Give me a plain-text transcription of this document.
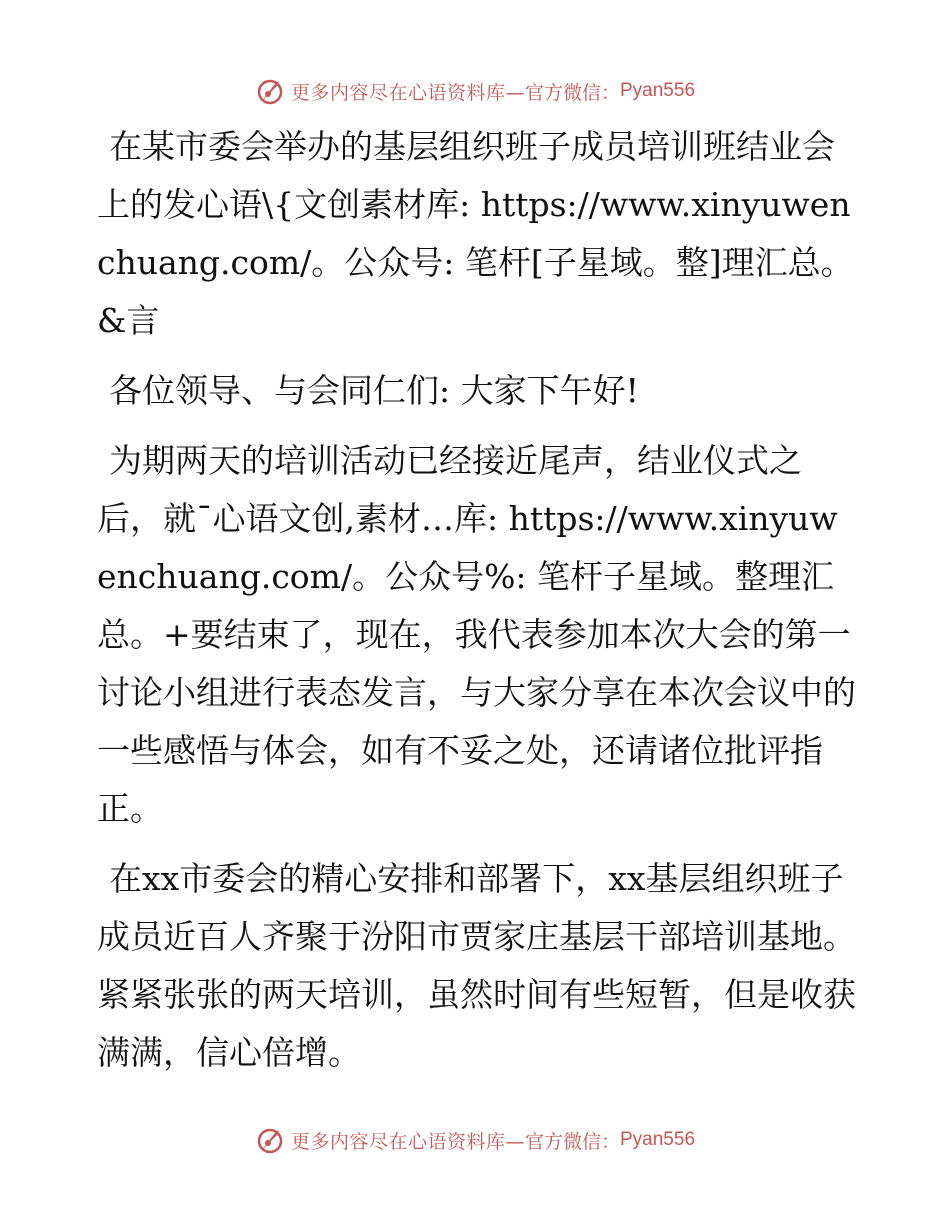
更多内容尽在心语资料库— 官方微信： Pyan556

在某市委会举办的基层组织班子成员培训班结业会上的发心语\{文创素材库: https://www.xinyuwenchuang.com/。公众号: 笔杆[子星域。整]理汇总。&言

各位领导、与会同仁们: 大家下午好!

为期两天的培训活动已经接近尾声，结业仪式之后，就¯心语文创,素材…库: https://www.xinyuwenchuang.com/。公众号%: 笔杆子星域。整理汇总。+要结束了，现在，我代表参加本次大会的第一讨论小组进行表态发言，与大家分享在本次会议中的一些感悟与体会，如有不妥之处，还请诸位批评指正。

在xx市委会的精心安排和部署下，xx基层组织班子成员近百人齐聚于汾阳市贾家庄基层干部培训基地。紧紧张张的两天培训，虽然时间有些短暂，但是收获满满，信心倍增。

更多内容尽在心语资料库— 官方微信： Pyan556
